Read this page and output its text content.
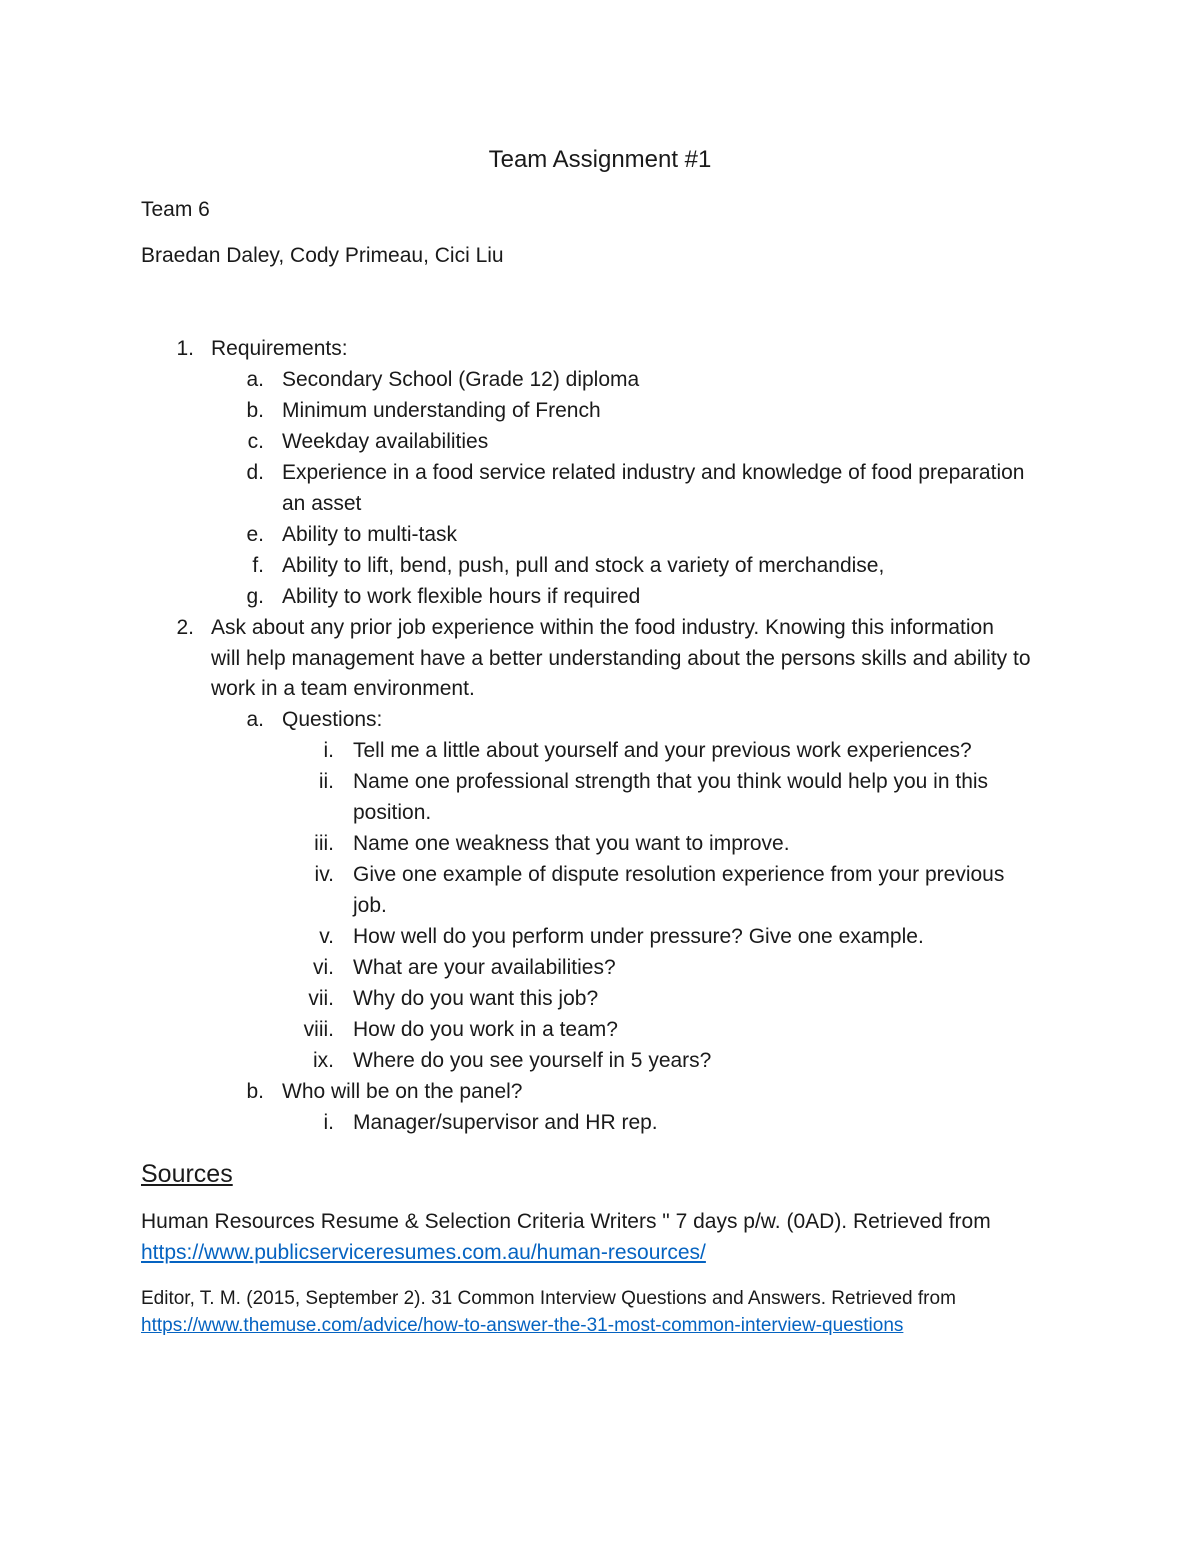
Team Assignment #1
Team 6
Braedan Daley, Cody Primeau, Cici Liu
1. Requirements:
a. Secondary School (Grade 12) diploma
b. Minimum understanding of French
c. Weekday availabilities
d. Experience in a food service related industry and knowledge of food preparation
an asset
e. Ability to multi-task
f. Ability to lift, bend, push, pull and stock a variety of merchandise,
g. Ability to work flexible hours if required
2. Ask about any prior job experience within the food industry. Knowing this information
will help management have a better understanding about the persons skills and ability to
work in a team environment.
a. Questions:
i. Tell me a little about yourself and your previous work experiences?
ii. Name one professional strength that you think would help you in this
position.
iii. Name one weakness that you want to improve.
iv. Give one example of dispute resolution experience from your previous
job.
v. How well do you perform under pressure? Give one example.
vi. What are your availabilities?
vii. Why do you want this job?
viii. How do you work in a team?
ix. Where do you see yourself in 5 years?
b. Who will be on the panel?
i. Manager/supervisor and HR rep.
Sources
Human Resources Resume & Selection Criteria Writers " 7 days p/w. (0AD). Retrieved from
https://www.publicserviceresumes.com.au/human-resources/
Editor, T. M. (2015, September 2). 31 Common Interview Questions and Answers. Retrieved from
https://www.themuse.com/advice/how-to-answer-the-31-most-common-interview-questions
